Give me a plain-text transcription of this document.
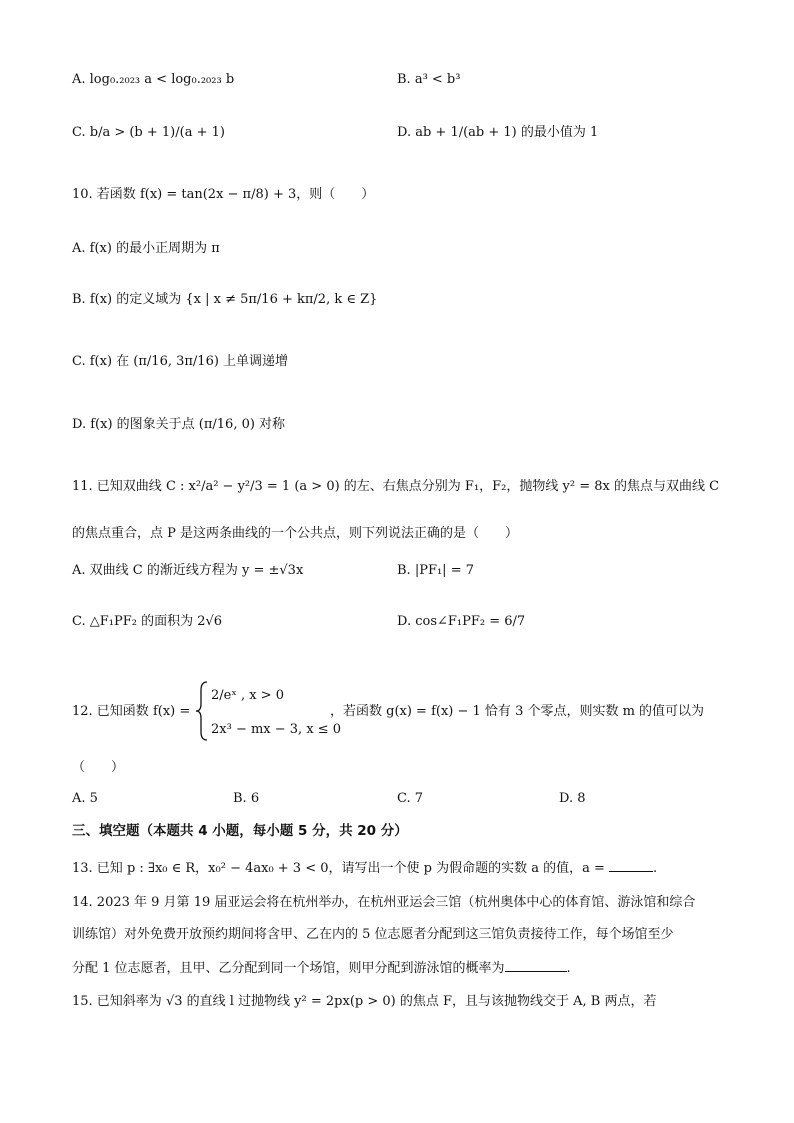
A. log₀.₂₀₂₃ a < log₀.₂₀₂₃ b	B. a³ < b³
C. b/a > (b + 1)/(a + 1)	D. ab + 1/(ab + 1) 的最小值为 1
10. 若函数 f(x) = tan(2x − π/8) + 3，则（　　）
A. f(x) 的最小正周期为 π
B. f(x) 的定义域为 {x | x ≠ 5π/16 + kπ/2, k ∈ Z}
C. f(x) 在 (π/16, 3π/16) 上单调递增
D. f(x) 的图象关于点 (π/16, 0) 对称
11. 已知双曲线 C : x²/a² − y²/3 = 1 (a > 0) 的左、右焦点分别为 F₁，F₂，抛物线 y² = 8x 的焦点与双曲线 C
的焦点重合，点 P 是这两条曲线的一个公共点，则下列说法正确的是（　　）
A. 双曲线 C 的渐近线方程为 y = ±√3x	B. |PF₁| = 7
C. △F₁PF₂ 的面积为 2√6	D. cos∠F₁PF₂ = 6/7
12. 已知函数 f(x) =
2/eˣ , x > 0
2x³ − mx − 3, x ≤ 0
，若函数 g(x) = f(x) − 1 恰有 3 个零点，则实数 m 的值可以为
（　　）
A. 5	B. 6	C. 7	D. 8
三、填空题（本题共 4 小题，每小题 5 分，共 20 分）
13. 已知 p : ∃x₀ ∈ R，x₀² − 4ax₀ + 3 < 0，请写出一个使 p 为假命题的实数 a 的值，a =	.
14. 2023 年 9 月第 19 届亚运会将在杭州举办，在杭州亚运会三馆（杭州奥体中心的体育馆、游泳馆和综合
训练馆）对外免费开放预约期间将含甲、乙在内的 5 位志愿者分配到这三馆负责接待工作，每个场馆至少
分配 1 位志愿者，且甲、乙分配到同一个场馆，则甲分配到游泳馆的概率为	.
15. 已知斜率为 √3 的直线 l 过抛物线 y² = 2px(p > 0) 的焦点 F，且与该抛物线交于 A, B 两点，若
